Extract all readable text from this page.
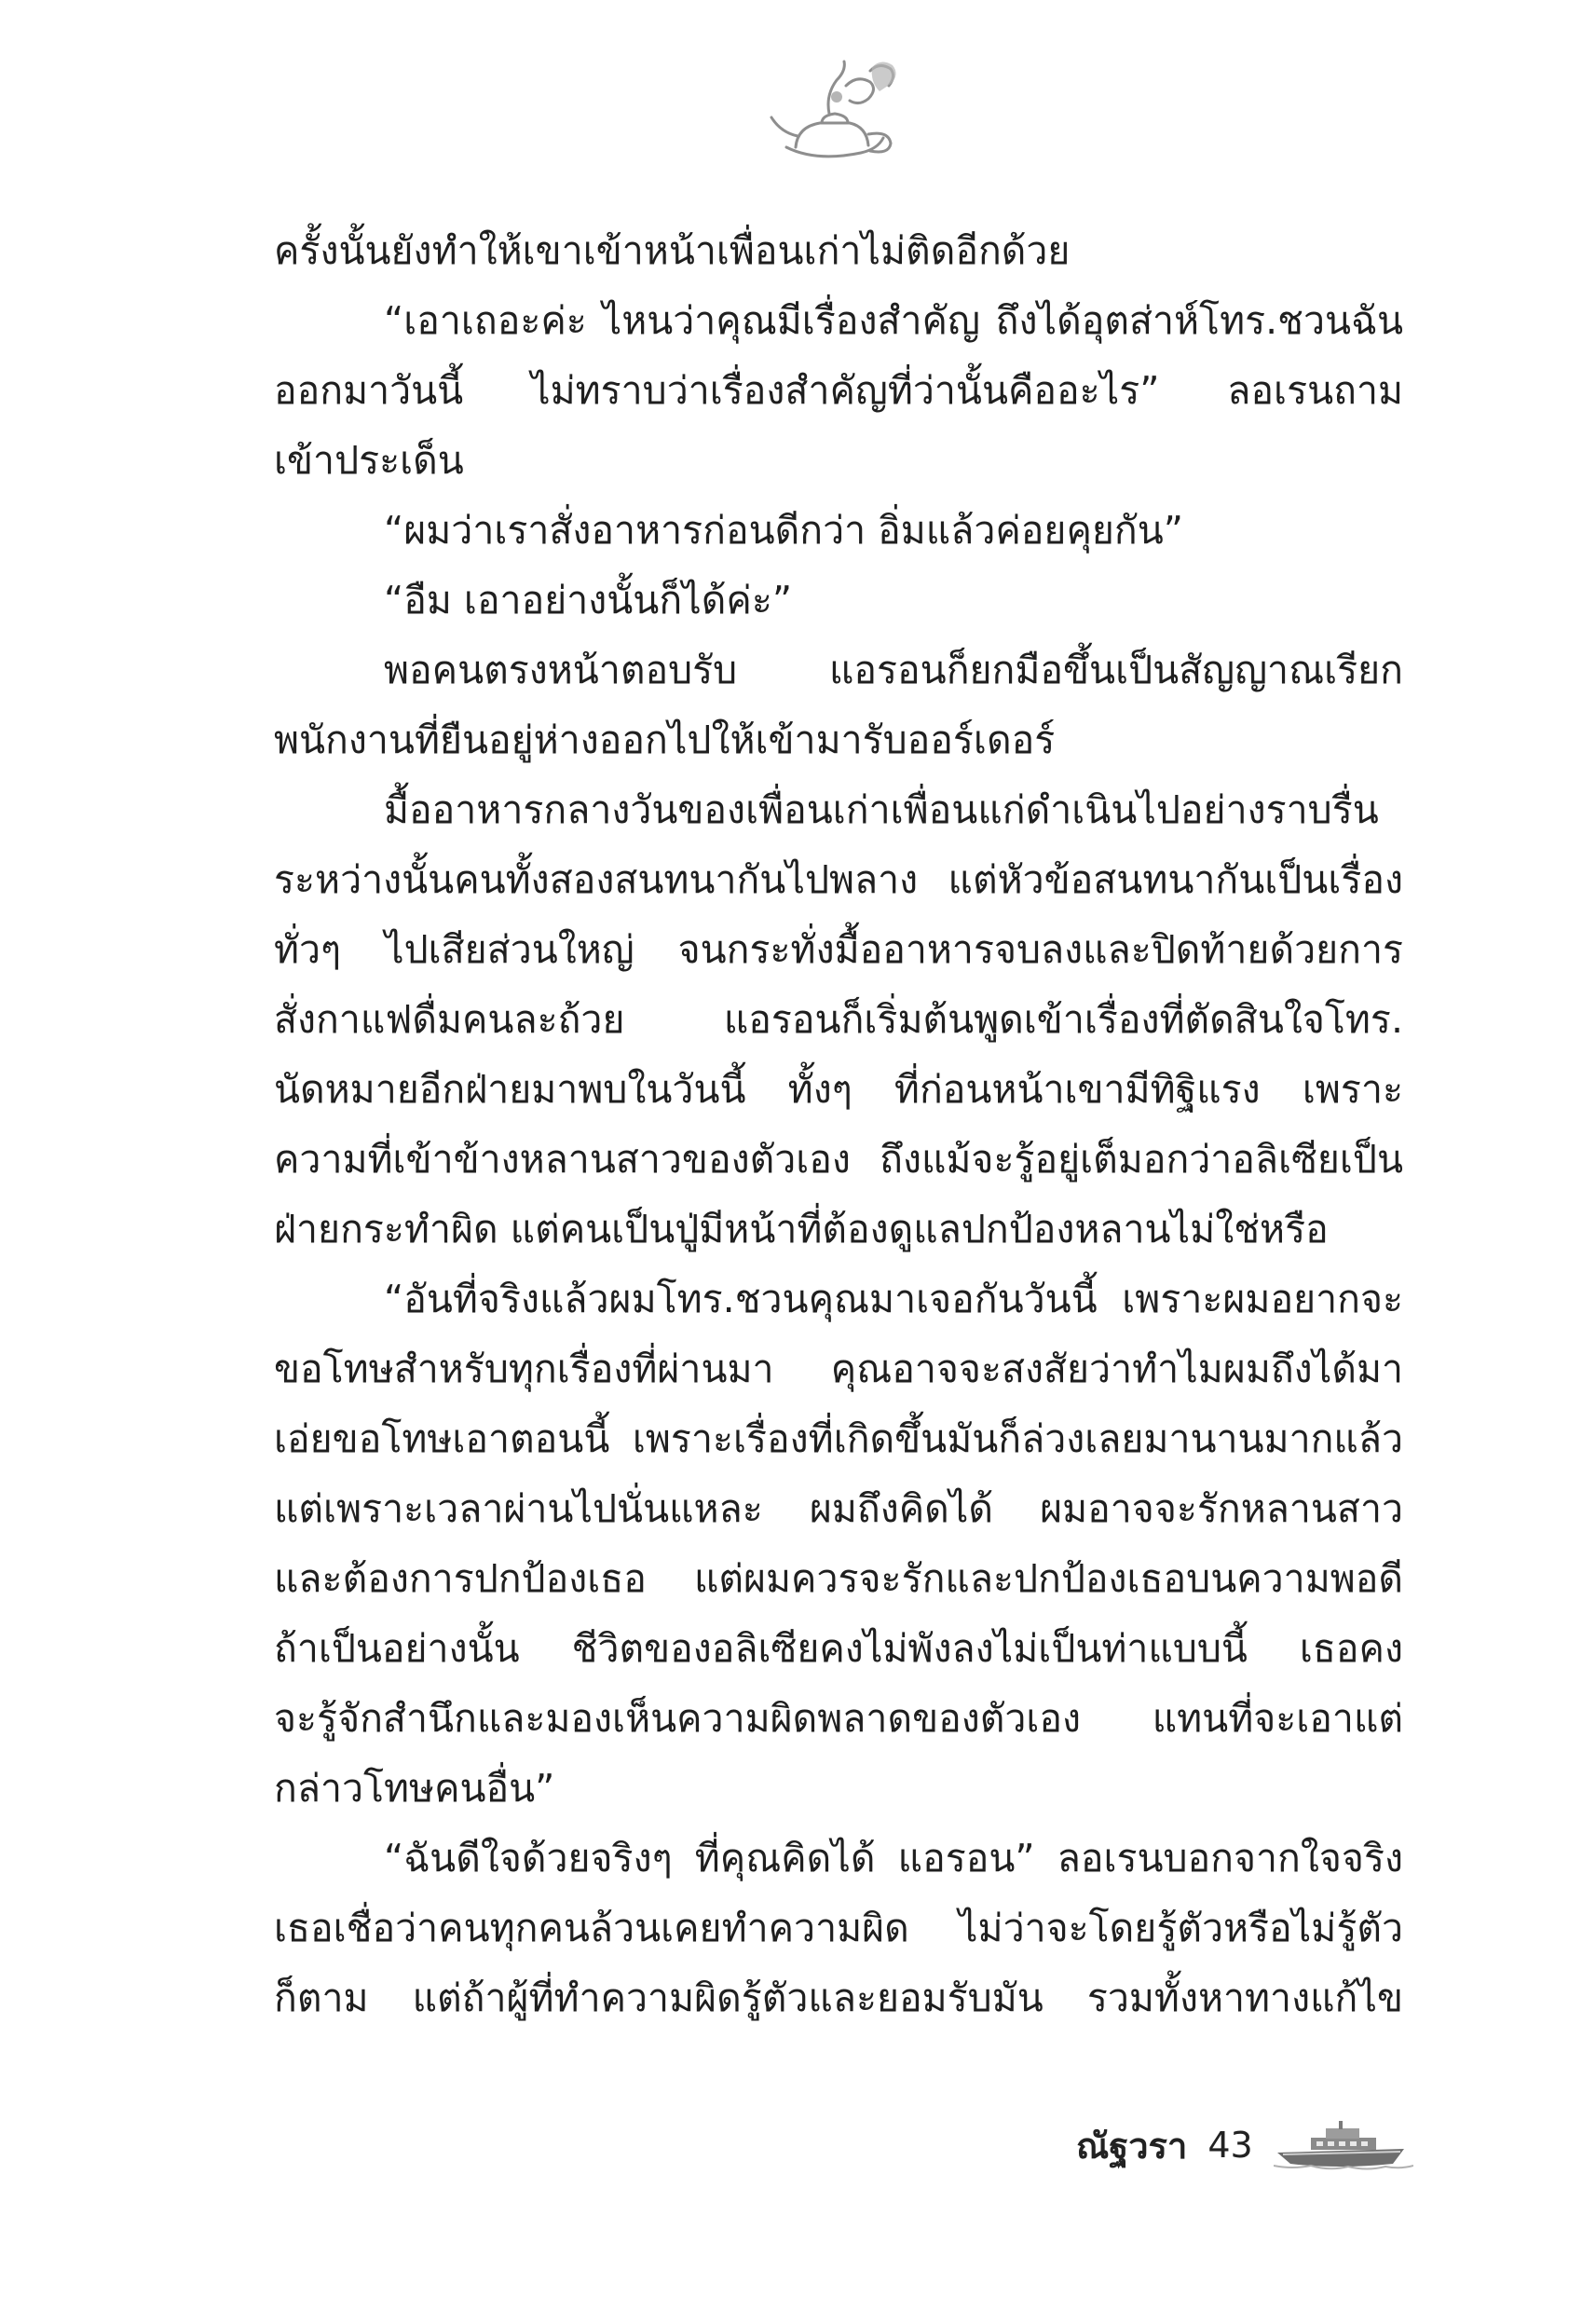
ครั้งนั้นยังทำให้เขาเข้าหน้าเพื่อนเก่าไม่ติดอีกด้วย
“เอาเถอะค่ะ ไหนว่าคุณมีเรื่องสำคัญ ถึงได้อุตส่าห์โทร.ชวนฉัน
ออกมาวันนี้ ไม่ทราบว่าเรื่องสำคัญที่ว่านั้นคืออะไร” ลอเรนถาม
เข้าประเด็น
“ผมว่าเราสั่งอาหารก่อนดีกว่า อิ่มแล้วค่อยคุยกัน”
“อืม เอาอย่างนั้นก็ได้ค่ะ”
พอคนตรงหน้าตอบรับ แอรอนก็ยกมือขึ้นเป็นสัญญาณเรียก
พนักงานที่ยืนอยู่ห่างออกไปให้เข้ามารับออร์เดอร์
มื้ออาหารกลางวันของเพื่อนเก่าเพื่อนแก่ดำเนินไปอย่างราบรื่น
ระหว่างนั้นคนทั้งสองสนทนากันไปพลาง แต่หัวข้อสนทนากันเป็นเรื่อง
ทั่วๆ ไปเสียส่วนใหญ่ จนกระทั่งมื้ออาหารจบลงและปิดท้ายด้วยการ
สั่งกาแฟดื่มคนละถ้วย แอรอนก็เริ่มต้นพูดเข้าเรื่องที่ตัดสินใจโทร.
นัดหมายอีกฝ่ายมาพบในวันนี้ ทั้งๆ ที่ก่อนหน้าเขามีทิฐิแรง เพราะ
ความที่เข้าข้างหลานสาวของตัวเอง ถึงแม้จะรู้อยู่เต็มอกว่าอลิเซียเป็น
ฝ่ายกระทำผิด แต่คนเป็นปู่มีหน้าที่ต้องดูแลปกป้องหลานไม่ใช่หรือ
“อันที่จริงแล้วผมโทร.ชวนคุณมาเจอกันวันนี้ เพราะผมอยากจะ
ขอโทษสำหรับทุกเรื่องที่ผ่านมา คุณอาจจะสงสัยว่าทำไมผมถึงได้มา
เอ่ยขอโทษเอาตอนนี้ เพราะเรื่องที่เกิดขึ้นมันก็ล่วงเลยมานานมากแล้ว
แต่เพราะเวลาผ่านไปนั่นแหละ ผมถึงคิดได้ ผมอาจจะรักหลานสาว
และต้องการปกป้องเธอ แต่ผมควรจะรักและปกป้องเธอบนความพอดี
ถ้าเป็นอย่างนั้น ชีวิตของอลิเซียคงไม่พังลงไม่เป็นท่าแบบนี้ เธอคง
จะรู้จักสำนึกและมองเห็นความผิดพลาดของตัวเอง แทนที่จะเอาแต่
กล่าวโทษคนอื่น”
“ฉันดีใจด้วยจริงๆ ที่คุณคิดได้ แอรอน” ลอเรนบอกจากใจจริง
เธอเชื่อว่าคนทุกคนล้วนเคยทำความผิด ไม่ว่าจะโดยรู้ตัวหรือไม่รู้ตัว
ก็ตาม แต่ถ้าผู้ที่ทำความผิดรู้ตัวและยอมรับมัน รวมทั้งหาทางแก้ไข
ณัฐวรา 43
